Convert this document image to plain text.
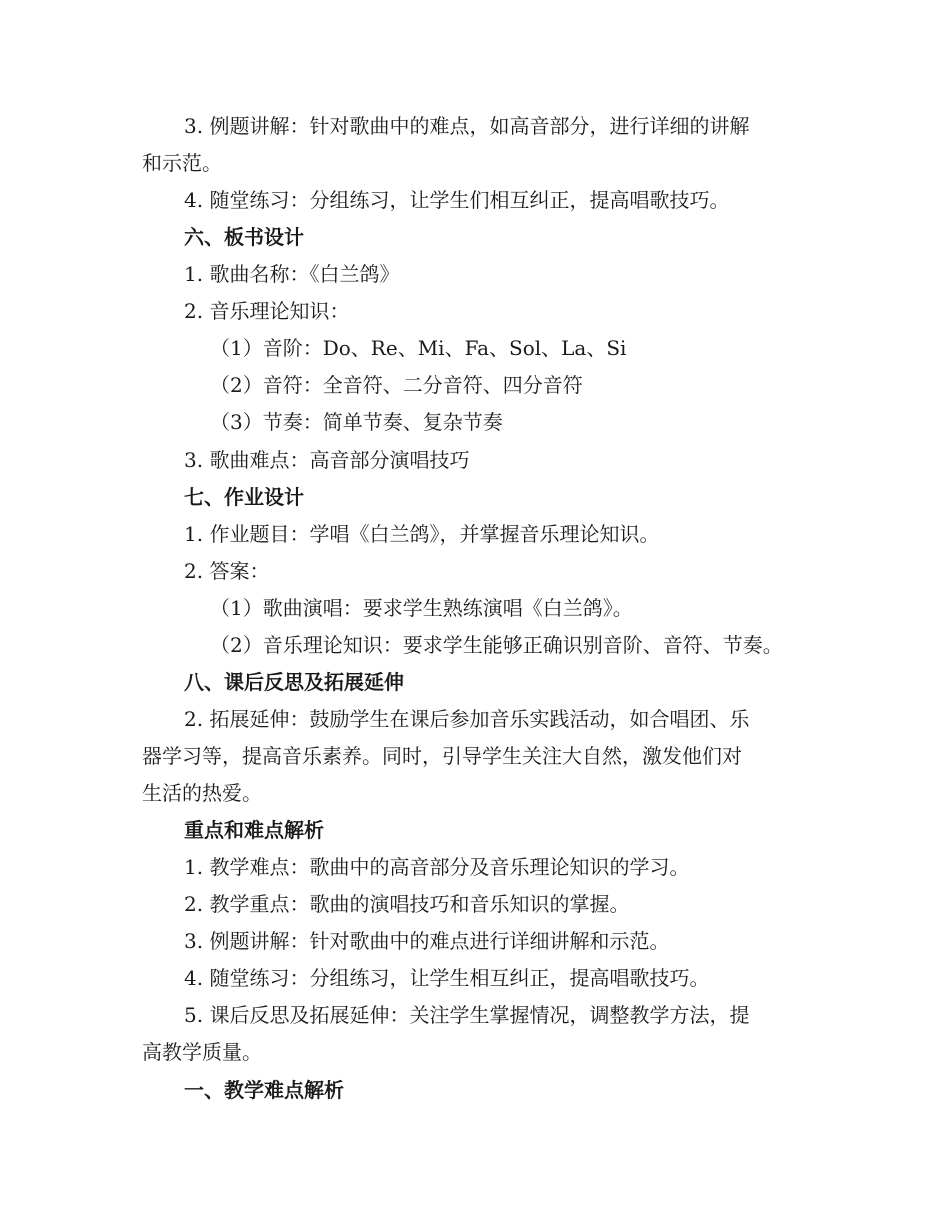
3. 例题讲解：针对歌曲中的难点，如高音部分，进行详细的讲解
和示范。
4. 随堂练习：分组练习，让学生们相互纠正，提高唱歌技巧。
六、板书设计
1. 歌曲名称：《白兰鸽》
2. 音乐理论知识：
（1）音阶：Do、Re、Mi、Fa、Sol、La、Si
（2）音符：全音符、二分音符、四分音符
（3）节奏：简单节奏、复杂节奏
3. 歌曲难点：高音部分演唱技巧
七、作业设计
1. 作业题目：学唱《白兰鸽》，并掌握音乐理论知识。
2. 答案：
（1）歌曲演唱：要求学生熟练演唱《白兰鸽》。
（2）音乐理论知识：要求学生能够正确识别音阶、音符、节奏。
八、课后反思及拓展延伸
2. 拓展延伸：鼓励学生在课后参加音乐实践活动，如合唱团、乐
器学习等，提高音乐素养。同时，引导学生关注大自然，激发他们对
生活的热爱。
重点和难点解析
1. 教学难点：歌曲中的高音部分及音乐理论知识的学习。
2. 教学重点：歌曲的演唱技巧和音乐知识的掌握。
3. 例题讲解：针对歌曲中的难点进行详细讲解和示范。
4. 随堂练习：分组练习，让学生相互纠正，提高唱歌技巧。
5. 课后反思及拓展延伸：关注学生掌握情况，调整教学方法，提
高教学质量。
一、教学难点解析
